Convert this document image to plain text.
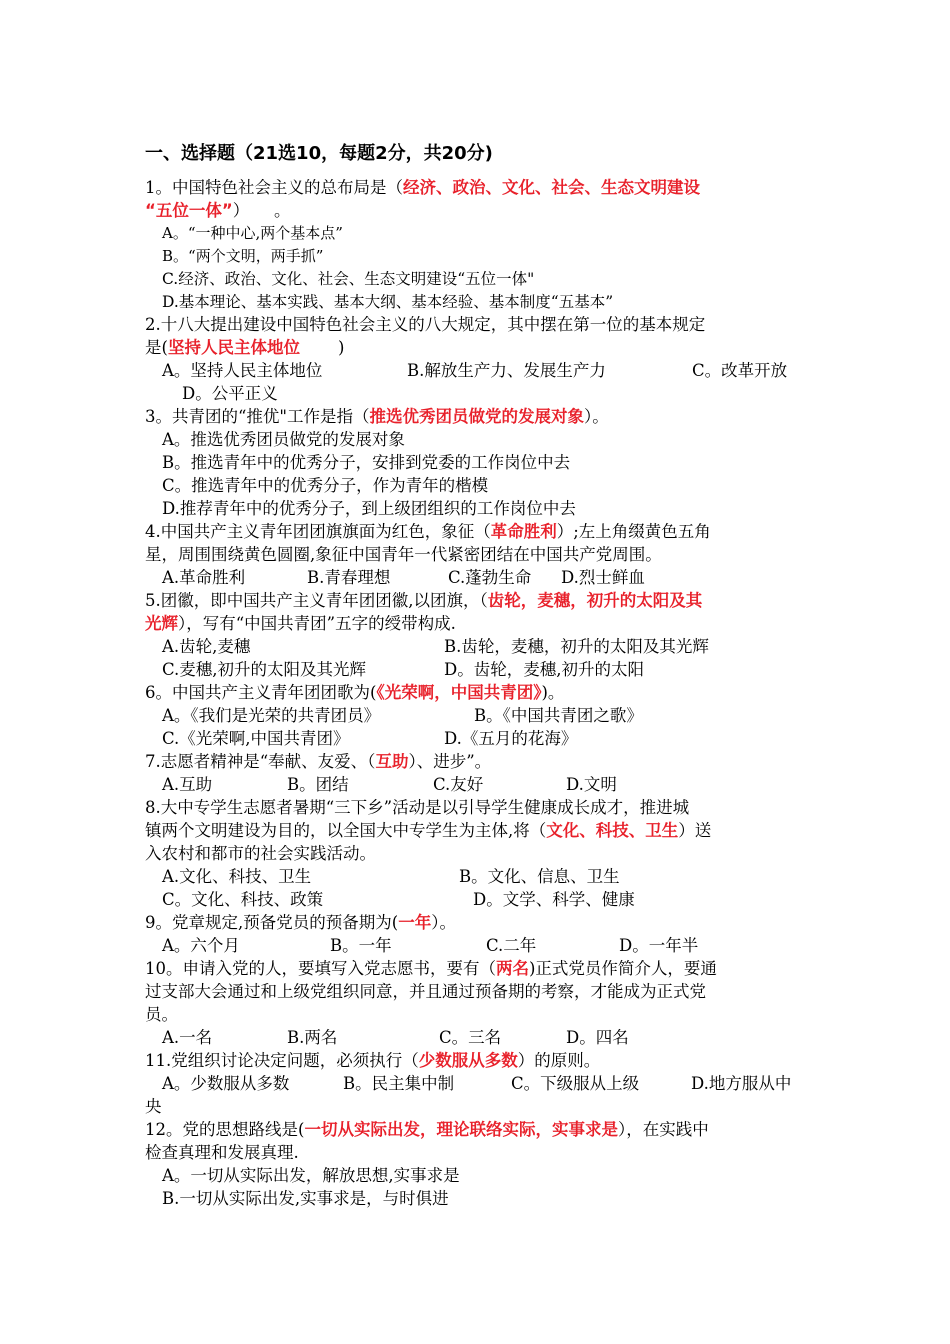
一、选择题（21选10，每题2分，共20分)
1。中国特色社会主义的总布局是（经济、政治、文化、社会、生态文明建设
“五位一体”）　　。
A。“一种中心,两个基本点”
B。“两个文明，两手抓”
C.经济、政治、文化、社会、生态文明建设“五位一体"
D.基本理论、基本实践、基本大纲、基本经验、基本制度“五基本”
2.十八大提出建设中国特色社会主义的八大规定，其中摆在第一位的基本规定
是(坚持人民主体地位 )
A。坚持人民主体地位	B.解放生产力、发展生产力	C。改革开放
D。公平正义
3。共青团的“推优"工作是指（推选优秀团员做党的发展对象）。
A。推选优秀团员做党的发展对象
B。推选青年中的优秀分子，安排到党委的工作岗位中去
C。推选青年中的优秀分子，作为青年的楷模
D.推荐青年中的优秀分子，到上级团组织的工作岗位中去
4.中国共产主义青年团团旗旗面为红色，象征（革命胜利）;左上角缀黄色五角
星，周围围绕黄色圆圈,象征中国青年一代紧密团结在中国共产党周围。
A.革命胜利	B.青春理想	C.蓬勃生命 D.烈士鲜血
5.团徽，即中国共产主义青年团团徽,以团旗，（齿轮，麦穗，初升的太阳及其
光辉），写有“中国共青团”五字的绶带构成.
A.齿轮,麦穗	B.齿轮，麦穗，初升的太阳及其光辉
C.麦穗,初升的太阳及其光辉	D。齿轮，麦穗,初升的太阳
6。中国共产主义青年团团歌为(《光荣啊，中国共青团》)。
A。《我们是光荣的共青团员》	B。《中国共青团之歌》
C.《光荣啊,中国共青团》	D.《五月的花海》
7.志愿者精神是“奉献、友爱、（互助）、进步”。
A.互助	B。团结	C.友好	D.文明
8.大中专学生志愿者暑期“三下乡”活动是以引导学生健康成长成才，推进城
镇两个文明建设为目的，以全国大中专学生为主体,将（文化、科技、卫生）送
入农村和都市的社会实践活动。
A.文化、科技、卫生	B。文化、信息、卫生
C。文化、科技、政策	D。文学、科学、健康
9。党章规定,预备党员的预备期为(一年）。
A。六个月	B。一年	C.二年	D。一年半
10。申请入党的人，要填写入党志愿书，要有（两名)正式党员作简介人，要通
过支部大会通过和上级党组织同意，并且通过预备期的考察，才能成为正式党
员。
A.一名	B.两名	C。三名	D。四名
11.党组织讨论决定问题，必须执行（少数服从多数）的原则。
A。少数服从多数	B。民主集中制	C。下级服从上级	D.地方服从中
央
12。党的思想路线是(一切从实际出发，理论联络实际，实事求是），在实践中
检查真理和发展真理.
A。一切从实际出发，解放思想,实事求是
B.一切从实际出发,实事求是，与时俱进
